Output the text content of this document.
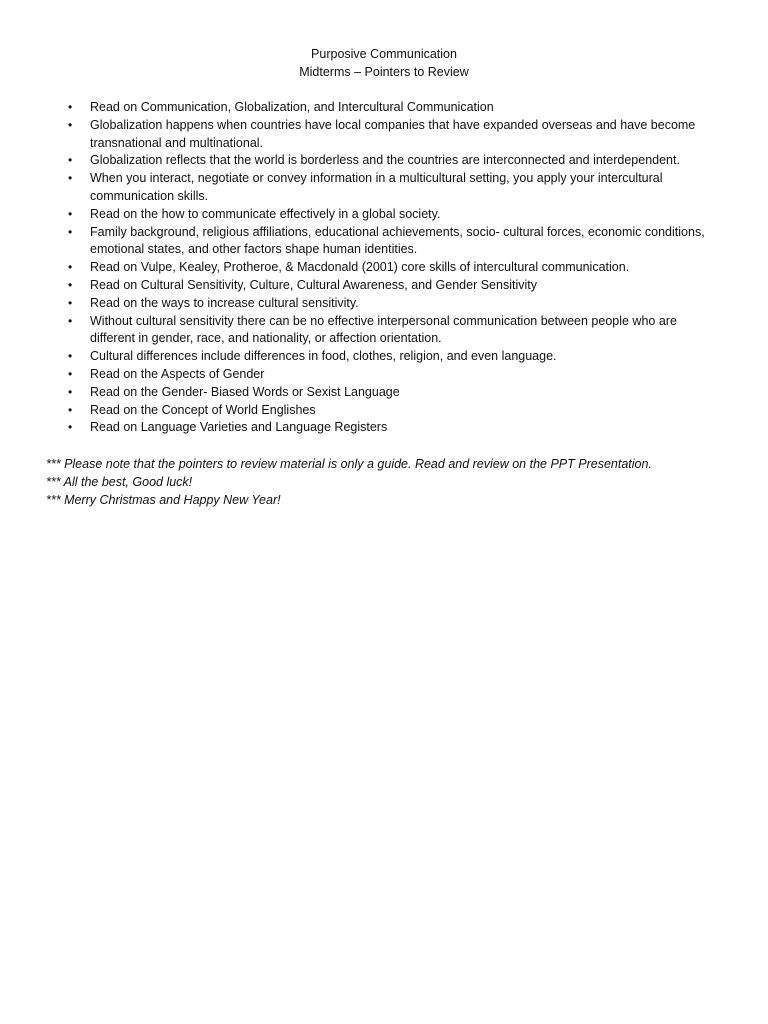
Purposive Communication
Midterms – Pointers to Review
• Read on Communication, Globalization, and Intercultural Communication
• Globalization happens when countries have local companies that have expanded overseas and have become transnational and multinational.
• Globalization reflects that the world is borderless and the countries are interconnected and interdependent.
• When you interact, negotiate or convey information in a multicultural setting, you apply your intercultural communication skills.
• Read on the how to communicate effectively in a global society.
• Family background, religious affiliations, educational achievements, socio- cultural forces, economic conditions, emotional states, and other factors shape human identities.
• Read on Vulpe, Kealey, Protheroe, & Macdonald (2001) core skills of intercultural communication.
• Read on Cultural Sensitivity, Culture, Cultural Awareness, and Gender Sensitivity
• Read on the ways to increase cultural sensitivity.
• Without cultural sensitivity there can be no effective interpersonal communication between people who are different in gender, race, and nationality, or affection orientation.
• Cultural differences include differences in food, clothes, religion, and even language.
• Read on the Aspects of Gender
• Read on the Gender- Biased Words or Sexist Language
• Read on the Concept of World Englishes
• Read on Language Varieties and Language Registers
*** Please note that the pointers to review material is only a guide. Read and review on the PPT Presentation.
*** All the best, Good luck!
*** Merry Christmas and Happy New Year!
